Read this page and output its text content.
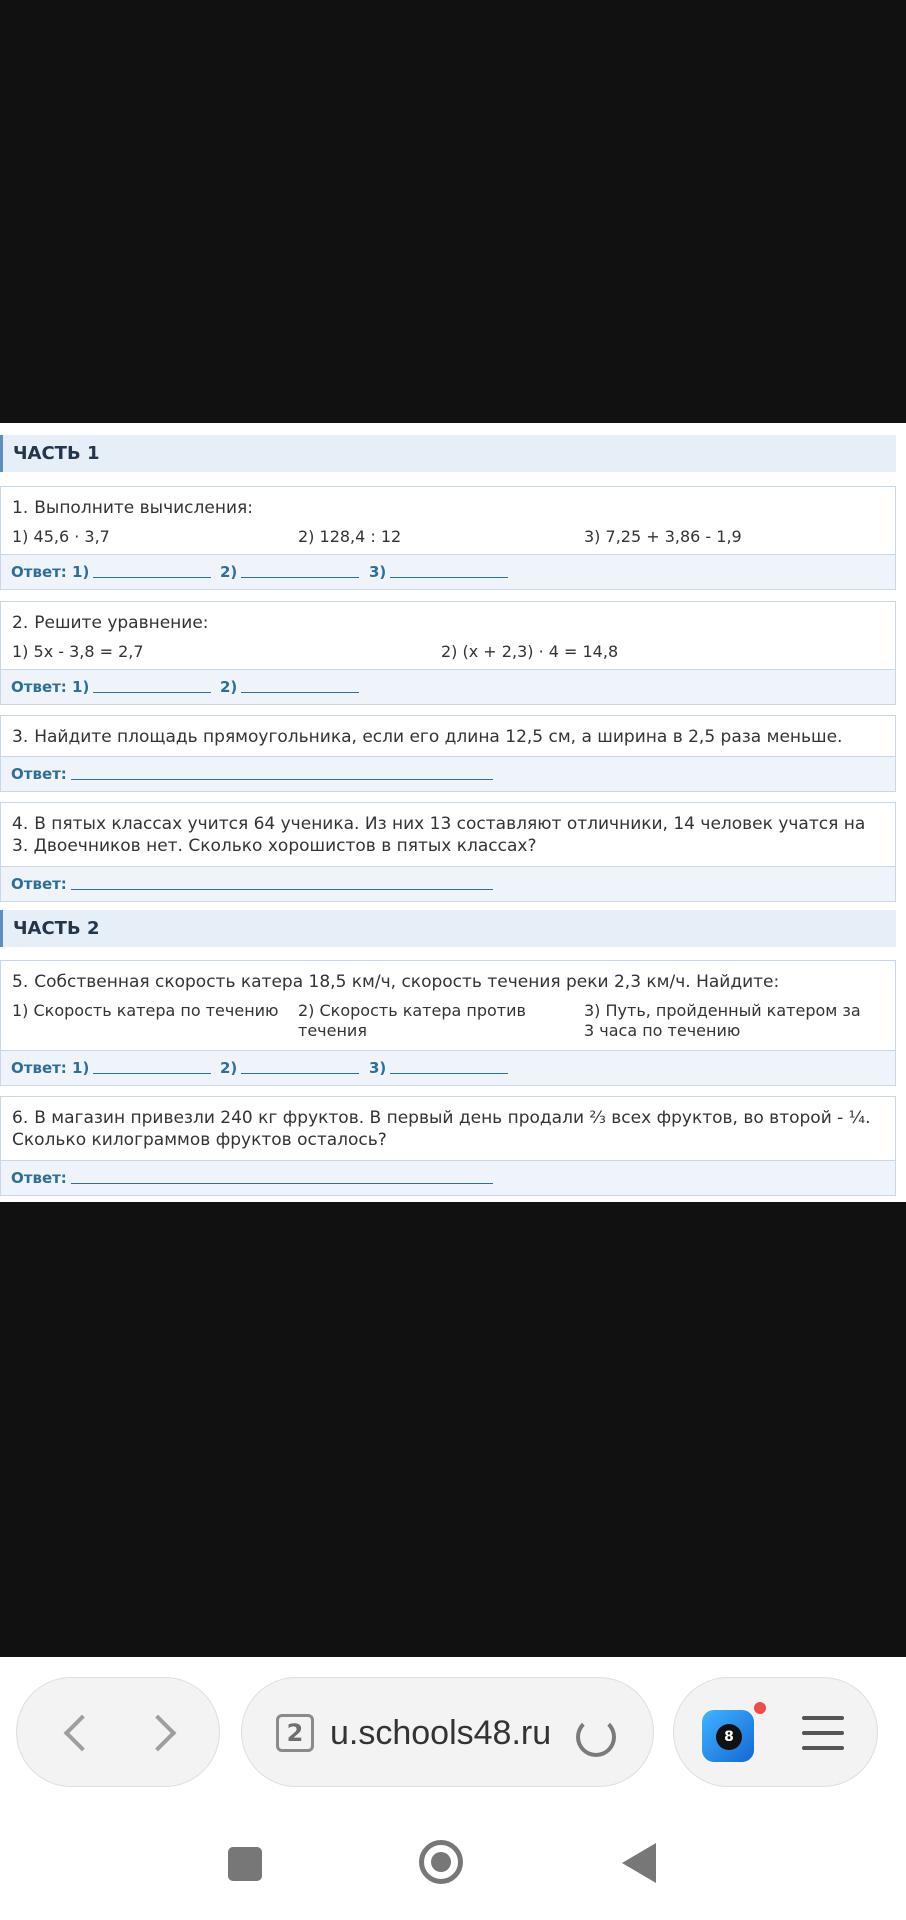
ЧАСТЬ 1
1. Выполните вычисления:
1) 45,6 · 3,7	2) 128,4 : 12	3) 7,25 + 3,86 - 1,9
Ответ: 1)	2)	3)
2. Решите уравнение:
1) 5x - 3,8 = 2,7	2) (x + 2,3) · 4 = 14,8
Ответ: 1)	2)
3. Найдите площадь прямоугольника, если его длина 12,5 см, а ширина в 2,5 раза меньше.
Ответ:
4. В пятых классах учится 64 ученика. Из них 13 составляют отличники, 14 человек учатся на 3. Двоечников нет. Сколько хорошистов в пятых классах?
Ответ:
ЧАСТЬ 2
5. Собственная скорость катера 18,5 км/ч, скорость течения реки 2,3 км/ч. Найдите:
1) Скорость катера по течению 2) Скорость катера против течения
3) Путь, пройденный катером за 3 часа по течению
Ответ: 1)	2)	3)
6. В магазин привезли 240 кг фруктов. В первый день продали ⅔ всех фруктов, во второй - ¼. Сколько килограммов фруктов осталось?
Ответ:
2 u.schools48.ru	8
